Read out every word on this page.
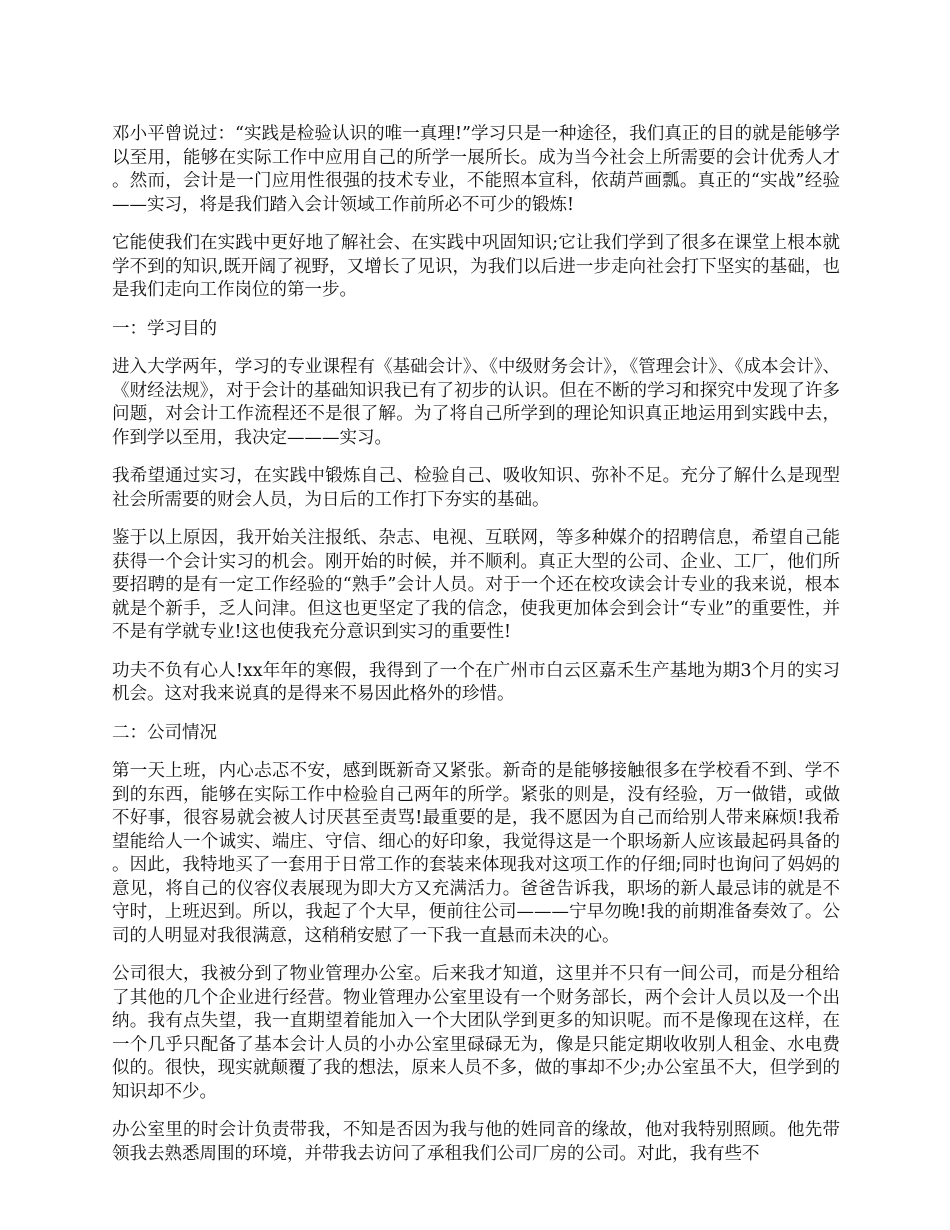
邓小平曾说过：“实践是检验认识的唯一真理!”学习只是一种途径，我们真正的目的就是能够学以至用，能够在实际工作中应用自己的所学一展所长。成为当今社会上所需要的会计优秀人才。然而，会计是一门应用性很强的技术专业，不能照本宣科，依葫芦画瓢。真正的“实战”经验——实习，将是我们踏入会计领域工作前所必不可少的锻炼!

它能使我们在实践中更好地了解社会、在实践中巩固知识;它让我们学到了很多在课堂上根本就学不到的知识,既开阔了视野，又增长了见识，为我们以后进一步走向社会打下坚实的基础，也是我们走向工作岗位的第一步。

一：学习目的

进入大学两年，学习的专业课程有《基础会计》、《中级财务会计》，《管理会计》、《成本会计》、《财经法规》，对于会计的基础知识我已有了初步的认识。但在不断的学习和探究中发现了许多问题，对会计工作流程还不是很了解。为了将自己所学到的理论知识真正地运用到实践中去，作到学以至用，我决定———实习。

我希望通过实习，在实践中锻炼自己、检验自己、吸收知识、弥补不足。充分了解什么是现型社会所需要的财会人员，为日后的工作打下夯实的基础。

鉴于以上原因，我开始关注报纸、杂志、电视、互联网，等多种媒介的招聘信息，希望自己能获得一个会计实习的机会。刚开始的时候，并不顺利。真正大型的公司、企业、工厂，他们所要招聘的是有一定工作经验的“熟手”会计人员。对于一个还在校攻读会计专业的我来说，根本就是个新手，乏人问津。但这也更坚定了我的信念，使我更加体会到会计“专业”的重要性，并不是有学就专业!这也使我充分意识到实习的重要性!

功夫不负有心人!xx年年的寒假，我得到了一个在广州市白云区嘉禾生产基地为期3个月的实习机会。这对我来说真的是得来不易因此格外的珍惜。

二：公司情况

第一天上班，内心忐忑不安，感到既新奇又紧张。新奇的是能够接触很多在学校看不到、学不到的东西，能够在实际工作中检验自己两年的所学。紧张的则是，没有经验，万一做错，或做不好事，很容易就会被人讨厌甚至责骂!最重要的是，我不愿因为自己而给别人带来麻烦!我希望能给人一个诚实、端庄、守信、细心的好印象，我觉得这是一个职场新人应该最起码具备的。因此，我特地买了一套用于日常工作的套装来体现我对这项工作的仔细;同时也询问了妈妈的意见，将自己的仪容仪表展现为即大方又充满活力。爸爸告诉我，职场的新人最忌讳的就是不守时，上班迟到。所以，我起了个大早，便前往公司———宁早勿晚!我的前期准备奏效了。公司的人明显对我很满意，这稍稍安慰了一下我一直悬而未决的心。

公司很大，我被分到了物业管理办公室。后来我才知道，这里并不只有一间公司，而是分租给了其他的几个企业进行经营。物业管理办公室里设有一个财务部长，两个会计人员以及一个出纳。我有点失望，我一直期望着能加入一个大团队学到更多的知识呢。而不是像现在这样，在一个几乎只配备了基本会计人员的小办公室里碌碌无为，像是只能定期收收别人租金、水电费似的。很快，现实就颠覆了我的想法，原来人员不多，做的事却不少;办公室虽不大，但学到的知识却不少。

办公室里的时会计负责带我，不知是否因为我与他的姓同音的缘故，他对我特别照顾。他先带领我去熟悉周围的环境，并带我去访问了承租我们公司厂房的公司。对此，我有些不
